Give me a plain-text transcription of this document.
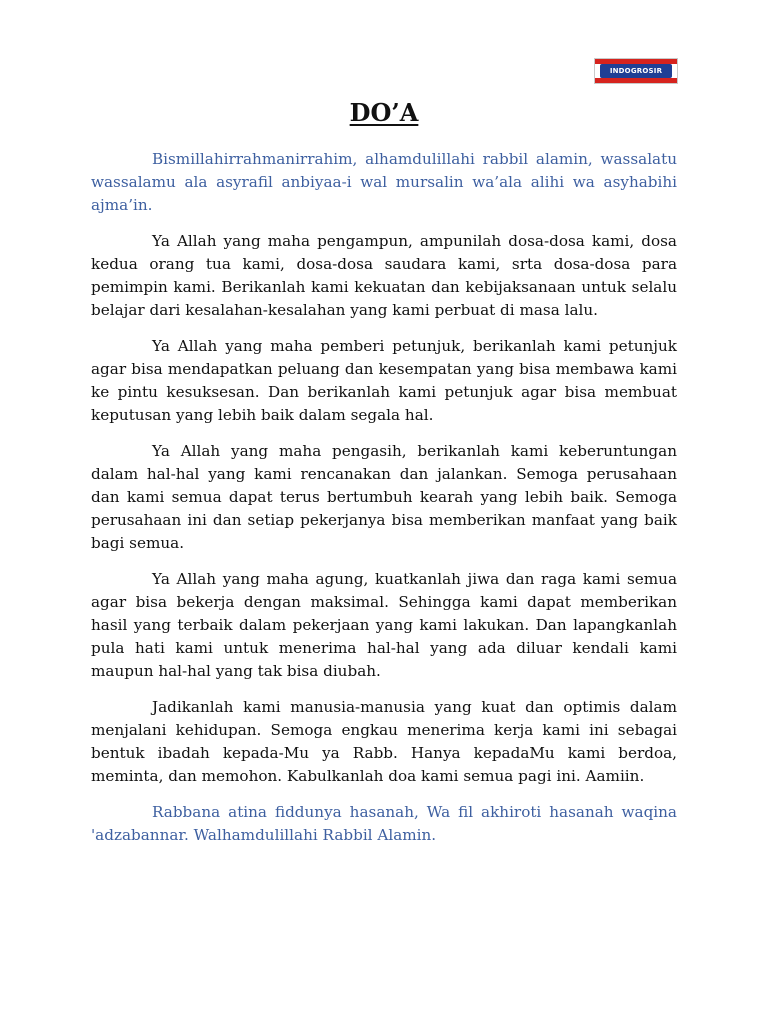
INDOGROSIR
DO’A

Bismillahirrahmanirrahim, alhamdulillahi rabbil alamin, wassalatu wassalamu ala asyrafil anbiyaa-i wal mursalin wa’ala alihi wa asyhabihi ajma’in.

Ya Allah yang maha pengampun, ampunilah dosa-dosa kami, dosa kedua orang tua kami, dosa-dosa saudara kami, srta dosa-dosa para pemimpin kami. Berikanlah kami kekuatan dan kebijaksanaan untuk selalu belajar dari kesalahan-kesalahan yang kami perbuat di masa lalu.

Ya Allah yang maha pemberi petunjuk, berikanlah kami petunjuk agar bisa mendapatkan peluang dan kesempatan yang bisa membawa kami ke pintu kesuksesan. Dan berikanlah kami petunjuk agar bisa membuat keputusan yang lebih baik dalam segala hal.

Ya Allah yang maha pengasih, berikanlah kami keberuntungan dalam hal-hal yang kami rencanakan dan jalankan. Semoga perusahaan dan kami semua dapat terus bertumbuh kearah yang lebih baik. Semoga perusahaan ini dan setiap pekerjanya bisa memberikan manfaat yang baik bagi semua.

Ya Allah yang maha agung, kuatkanlah jiwa dan raga kami semua agar bisa bekerja dengan maksimal. Sehingga kami dapat memberikan hasil yang terbaik dalam pekerjaan yang kami lakukan. Dan lapangkanlah pula hati kami untuk menerima hal-hal yang ada diluar kendali kami maupun hal-hal yang tak bisa diubah.

Jadikanlah kami manusia-manusia yang kuat dan optimis dalam menjalani kehidupan. Semoga engkau menerima kerja kami ini sebagai bentuk ibadah kepada-Mu ya Rabb. Hanya kepadaMu kami berdoa, meminta, dan memohon. Kabulkanlah doa kami semua pagi ini. Aamiin.

Rabbana atina fiddunya hasanah, Wa fil akhiroti hasanah waqina 'adzabannar. Walhamdulillahi Rabbil Alamin.
